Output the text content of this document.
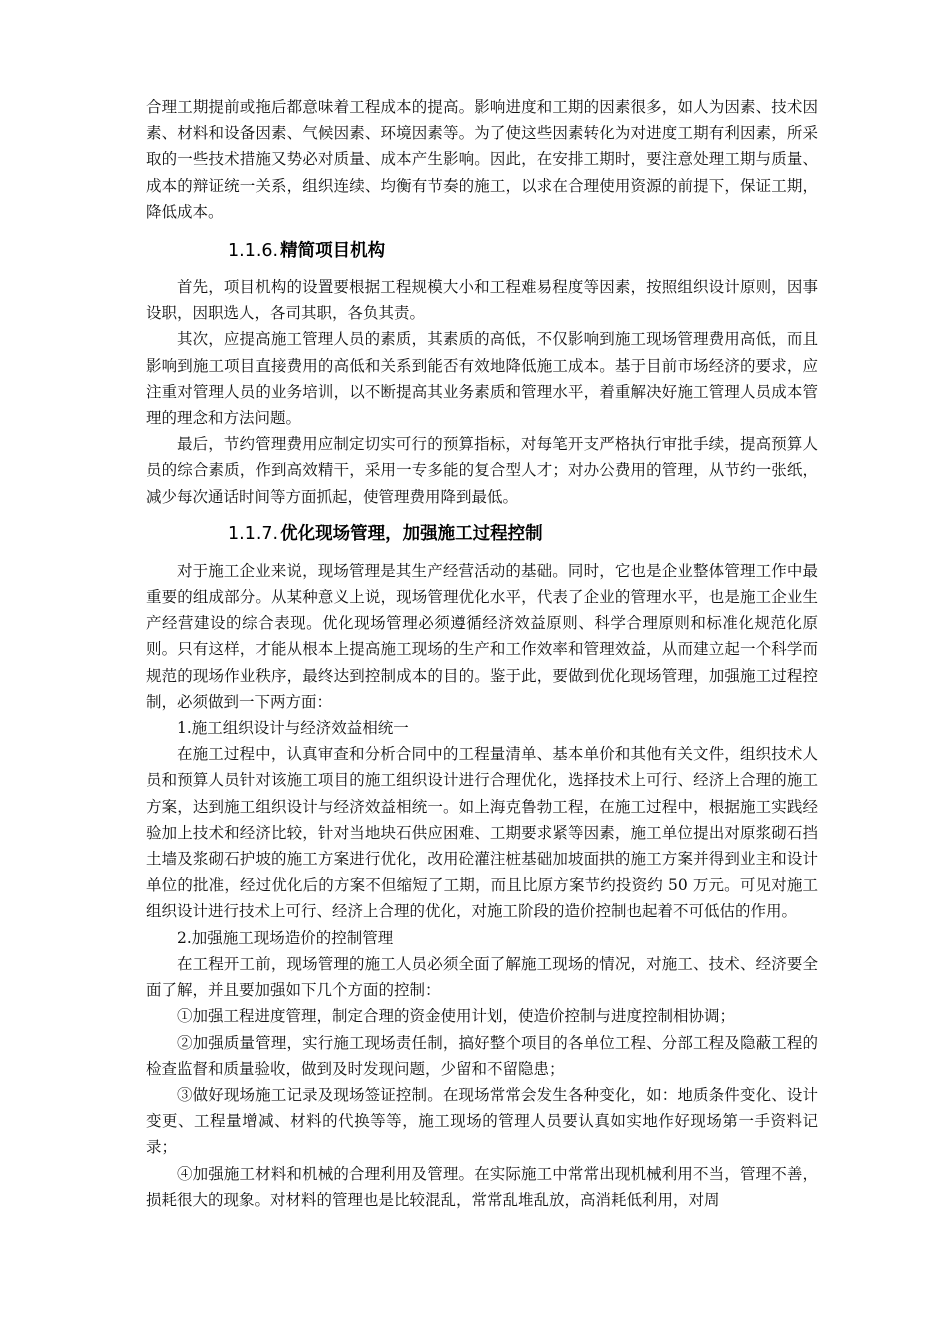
合理工期提前或拖后都意味着工程成本的提高。影响进度和工期的因素很多，如人为因素、技术因素、材料和设备因素、气候因素、环境因素等。为了使这些因素转化为对进度工期有利因素，所采取的一些技术措施又势必对质量、成本产生影响。因此，在安排工期时，要注意处理工期与质量、成本的辩证统一关系，组织连续、均衡有节奏的施工，以求在合理使用资源的前提下，保证工期，降低成本。

1.1.6. 精简项目机构

首先，项目机构的设置要根据工程规模大小和工程难易程度等因素，按照组织设计原则，因事设职，因职选人，各司其职，各负其责。

其次，应提高施工管理人员的素质，其素质的高低，不仅影响到施工现场管理费用高低，而且影响到施工项目直接费用的高低和关系到能否有效地降低施工成本。基于目前市场经济的要求，应注重对管理人员的业务培训，以不断提高其业务素质和管理水平，着重解决好施工管理人员成本管理的理念和方法问题。

最后，节约管理费用应制定切实可行的预算指标，对每笔开支严格执行审批手续，提高预算人员的综合素质，作到高效精干，采用一专多能的复合型人才；对办公费用的管理，从节约一张纸，减少每次通话时间等方面抓起，使管理费用降到最低。

1.1.7. 优化现场管理，加强施工过程控制

对于施工企业来说，现场管理是其生产经营活动的基础。同时，它也是企业整体管理工作中最重要的组成部分。从某种意义上说，现场管理优化水平，代表了企业的管理水平，也是施工企业生产经营建设的综合表现。优化现场管理必须遵循经济效益原则、科学合理原则和标准化规范化原则。只有这样，才能从根本上提高施工现场的生产和工作效率和管理效益，从而建立起一个科学而规范的现场作业秩序，最终达到控制成本的目的。鉴于此，要做到优化现场管理，加强施工过程控制，必须做到一下两方面：

1.施工组织设计与经济效益相统一

在施工过程中，认真审查和分析合同中的工程量清单、基本单价和其他有关文件，组织技术人员和预算人员针对该施工项目的施工组织设计进行合理优化，选择技术上可行、经济上合理的施工方案，达到施工组织设计与经济效益相统一。如上海克鲁勃工程，在施工过程中，根据施工实践经验加上技术和经济比较，针对当地块石供应困难、工期要求紧等因素，施工单位提出对原浆砌石挡土墙及浆砌石护坡的施工方案进行优化，改用砼灌注桩基础加坡面拱的施工方案并得到业主和设计单位的批准，经过优化后的方案不但缩短了工期，而且比原方案节约投资约 50 万元。可见对施工组织设计进行技术上可行、经济上合理的优化，对施工阶段的造价控制也起着不可低估的作用。

2.加强施工现场造价的控制管理

在工程开工前，现场管理的施工人员必须全面了解施工现场的情况，对施工、技术、经济要全面了解，并且要加强如下几个方面的控制：

①加强工程进度管理，制定合理的资金使用计划，使造价控制与进度控制相协调；

②加强质量管理，实行施工现场责任制，搞好整个项目的各单位工程、分部工程及隐蔽工程的检查监督和质量验收，做到及时发现问题，少留和不留隐患；

③做好现场施工记录及现场签证控制。在现场常常会发生各种变化，如：地质条件变化、设计变更、工程量增减、材料的代换等等，施工现场的管理人员要认真如实地作好现场第一手资料记录；

④加强施工材料和机械的合理利用及管理。在实际施工中常常出现机械利用不当，管理不善，损耗很大的现象。对材料的管理也是比较混乱，常常乱堆乱放，高消耗低利用，对周
